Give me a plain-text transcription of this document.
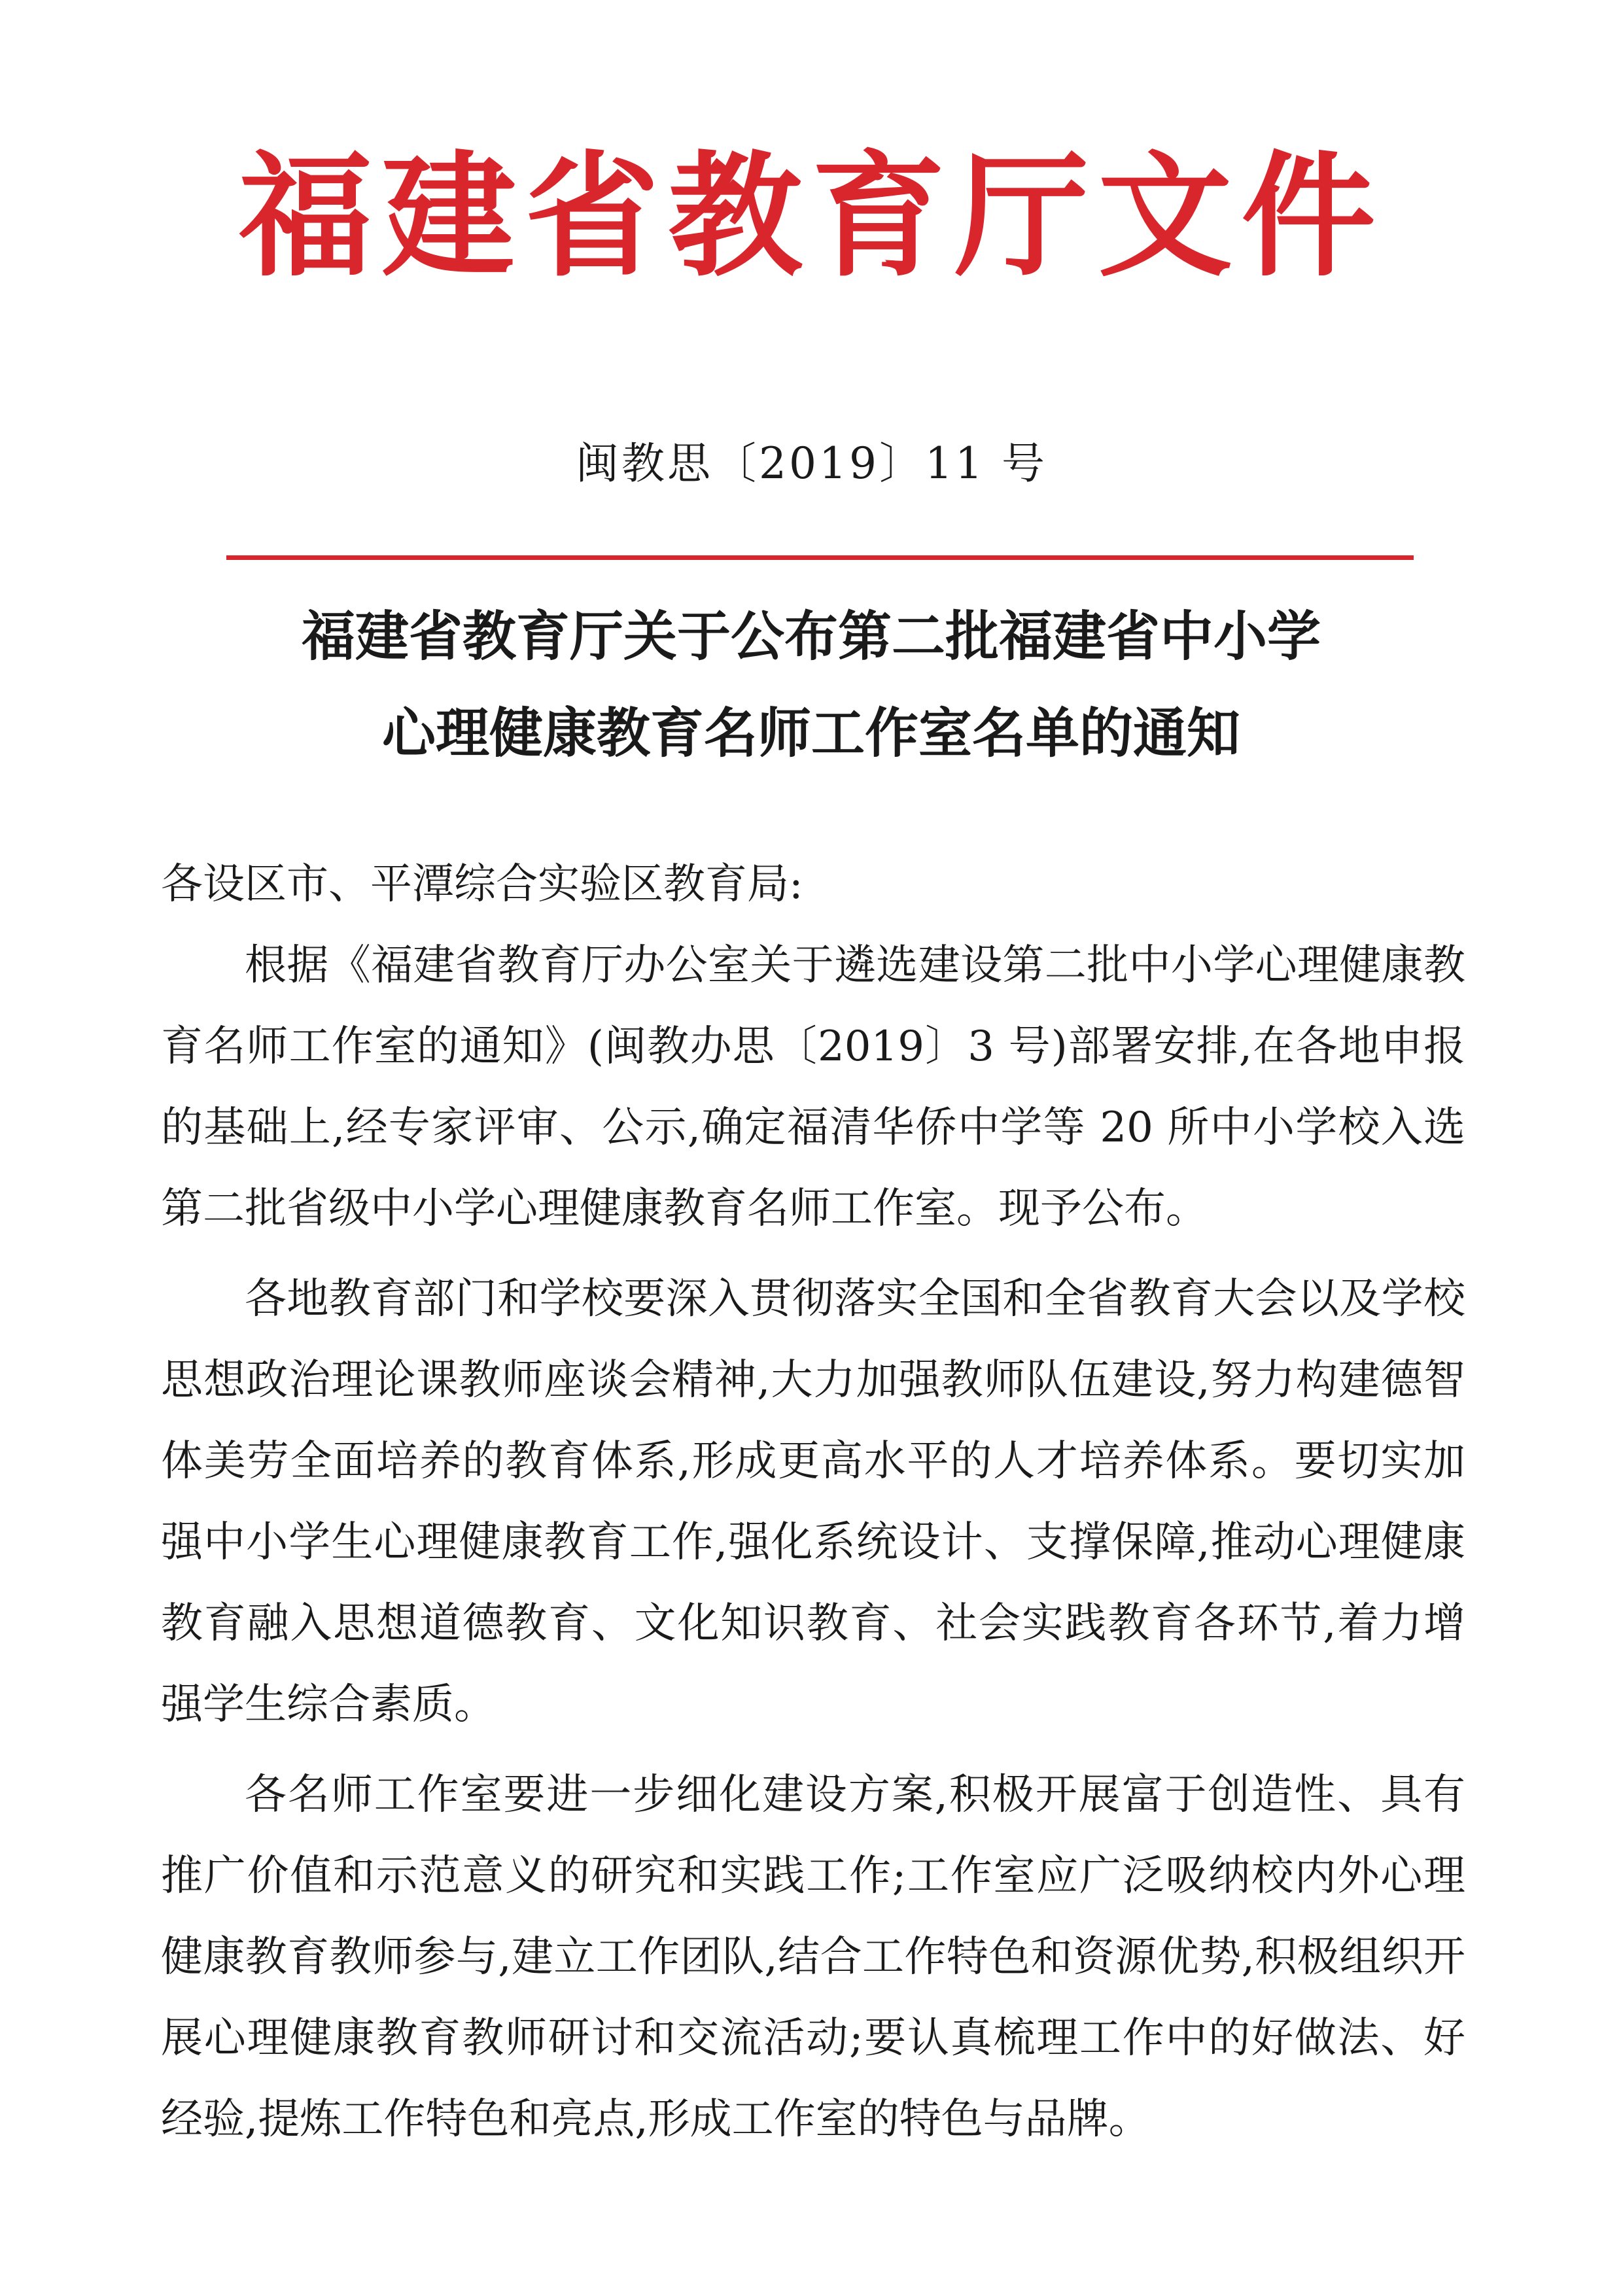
福建省教育厅文件
闽教思〔2019〕11 号
福建省教育厅关于公布第二批福建省中小学
心理健康教育名师工作室名单的通知

各设区市、平潭综合实验区教育局:

根据《福建省教育厅办公室关于遴选建设第二批中小学心理健康教育名师工作室的通知》(闽教办思〔2019〕3 号)部署安排,在各地申报的基础上,经专家评审、公示,确定福清华侨中学等 20 所中小学校入选第二批省级中小学心理健康教育名师工作室。现予公布。

各地教育部门和学校要深入贯彻落实全国和全省教育大会以及学校思想政治理论课教师座谈会精神,大力加强教师队伍建设,努力构建德智体美劳全面培养的教育体系,形成更高水平的人才培养体系。要切实加强中小学生心理健康教育工作,强化系统设计、支撑保障,推动心理健康教育融入思想道德教育、文化知识教育、社会实践教育各环节,着力增强学生综合素质。

各名师工作室要进一步细化建设方案,积极开展富于创造性、具有推广价值和示范意义的研究和实践工作;工作室应广泛吸纳校内外心理健康教育教师参与,建立工作团队,结合工作特色和资源优势,积极组织开展心理健康教育教师研讨和交流活动;要认真梳理工作中的好做法、好经验,提炼工作特色和亮点,形成工作室的特色与品牌。
